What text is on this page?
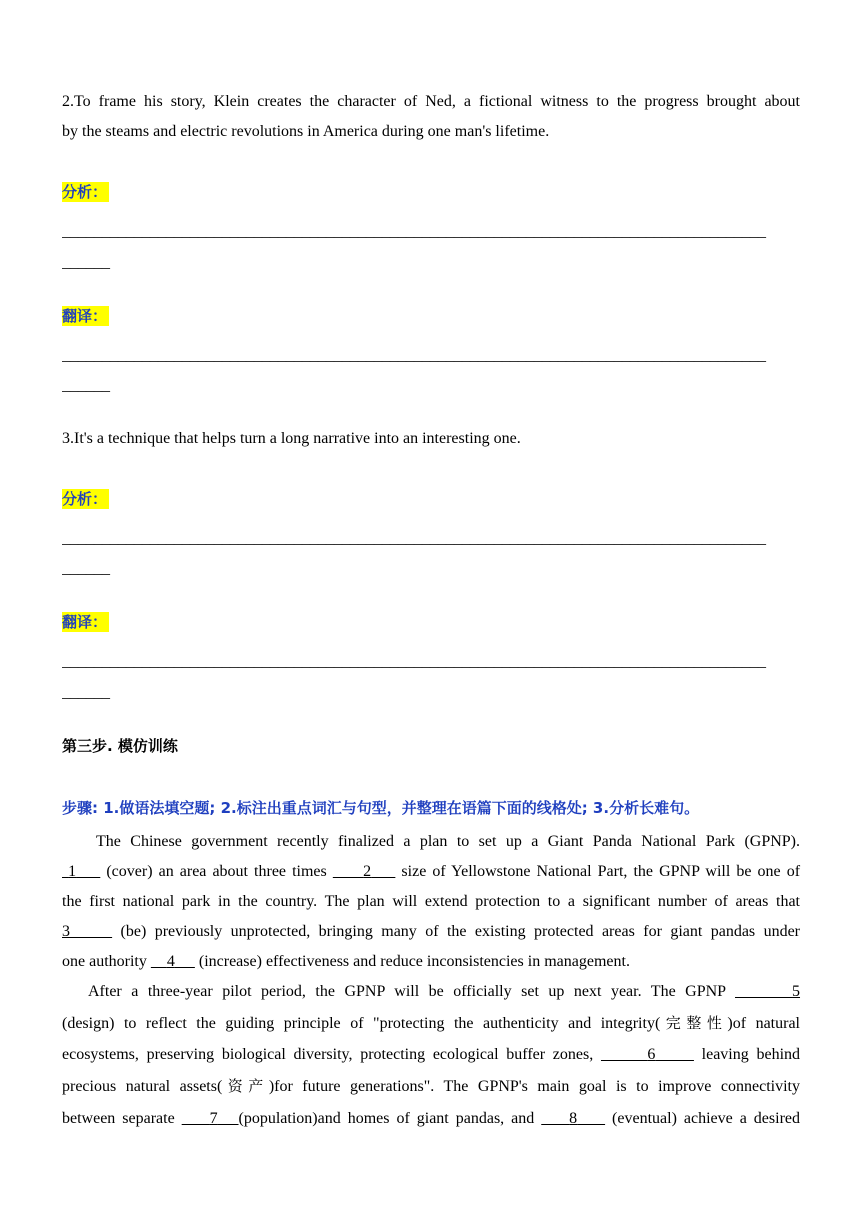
2.To frame his story, Klein creates the character of Ned, a fictional witness to the progress brought about
by the steams and electric revolutions in America during one man's lifetime.
分析：
________________________________________________________________________________________
______
翻译：
________________________________________________________________________________________
______
3.It's a technique that helps turn a long narrative into an interesting one.
分析：
________________________________________________________________________________________
______
翻译：
________________________________________________________________________________________
______
第三步. 模仿训练
步骤: 1.做语法填空题; 2.标注出重点词汇与句型，并整理在语篇下面的线格处; 3.分析长难句。
The Chinese government recently finalized a plan to set up a Giant Panda National Park (GPNP).
1     (cover) an area about three times      2     size of Yellowstone National Part, the GPNP will be one of
the first national park in the country. The plan will extend protection to a significant number of areas that
3	(be) previously unprotected, bringing many of the existing protected areas for giant pandas under
one authority     4      (increase) effectiveness and reduce inconsistencies in management.
After a three-year pilot period, the GPNP will be officially set up next year. The GPNP	5
(design) to reflect the guiding principle of "protecting the authenticity and integrity(完整性)of natural
ecosystems, preserving biological diversity, protecting ecological buffer zones,	6      leaving behind
precious natural assets(资产)for future generations". The GPNP's main goal is to improve connectivity
between separate     7 (population)and homes of giant pandas, and     8     (eventual) achieve a desired
